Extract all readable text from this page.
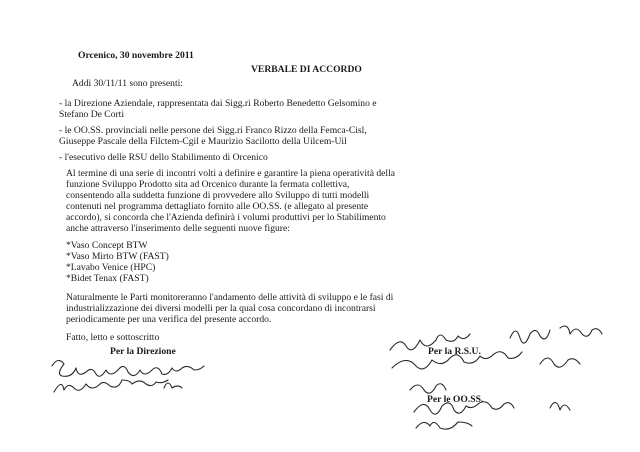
Orcenico, 30 novembre 2011
VERBALE DI ACCORDO
Addì 30/11/11 sono presenti:
- la Direzione Aziendale, rappresentata dai Sigg.ri Roberto Benedetto Gelsomino e
Stefano De Corti
- le OO.SS. provinciali nelle persone dei Sigg.ri Franco Rizzo della Femca-Cisl,
Giuseppe Pascale della Filctem-Cgil e Maurizio Sacilotto della Uilcem-Uil
- l'esecutivo delle RSU dello Stabilimento di Orcenico
Al termine di una serie di incontri volti a definire e garantire la piena operatività della
funzione Sviluppo Prodotto sita ad Orcenico durante la fermata collettiva,
consentendo alla suddetta funzione di provvedere allo Sviluppo di tutti modelli
contenuti nel programma dettagliato fornito alle OO.SS. (e allegato al presente
accordo), si concorda che l'Azienda definirà i volumi produttivi per lo Stabilimento
anche attraverso l'inserimento delle seguenti nuove figure:
*Vaso Concept BTW
*Vaso Mirto BTW (FAST)
*Lavabo Venice (HPC)
*Bidet Tenax (FAST)
Naturalmente le Parti monitoreranno l'andamento delle attività di sviluppo e le fasi di
industrializzazione dei diversi modelli per la qual cosa concordano di incontrarsi
periodicamente per una verifica del presente accordo.
Fatto, letto e sottoscritto
Per la Direzione	Per la R.S.U.
Per le OO.SS.
